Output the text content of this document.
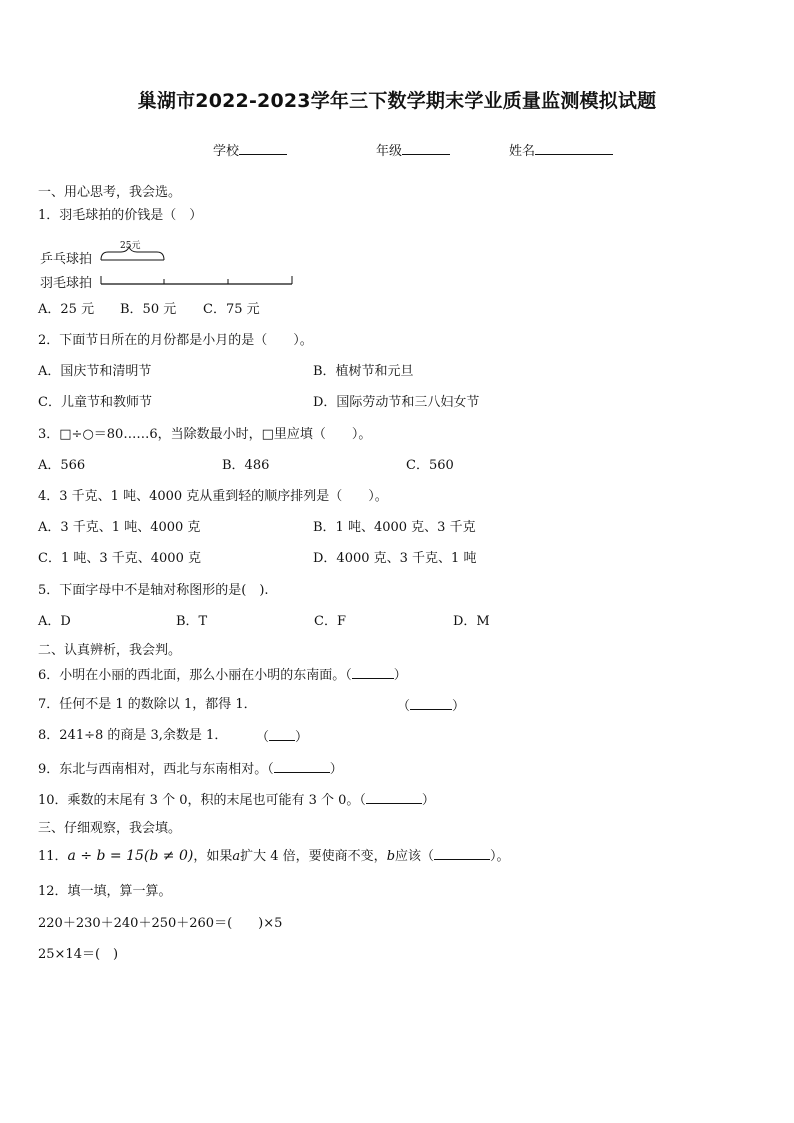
巢湖市2022-2023学年三下数学期末学业质量监测模拟试题
学校	年级	姓名
一、用心思考，我会选。
1．羽毛球拍的价钱是（　）
乒乓球拍
羽毛球拍
25元
A．25 元 B．50 元 C．75 元
2．下面节日所在的月份都是小月的是（　　）。
A．国庆节和清明节	B．植树节和元旦
C．儿童节和教师节	D．国际劳动节和三八妇女节
3．□÷○＝80……6，当除数最小时，□里应填（　　）。
A．566	B．486	C．560
4．3 千克、1 吨、4000 克从重到轻的顺序排列是（　　）。
A．3 千克、1 吨、4000 克	B．1 吨、4000 克、3 千克
C．1 吨、3 千克、4000 克	D．4000 克、3 千克、1 吨
5．下面字母中不是轴对称图形的是(　).
A．D	B．T	C．F	D．M
二、认真辨析，我会判。
6．小明在小丽的西北面，那么小丽在小明的东南面。（	）
7．任何不是 1 的数除以 1，都得 1．	（	）
8．241÷8 的商是 3,余数是 1． （ ）
9．东北与西南相对，西北与东南相对。（	）
10．乘数的末尾有 3 个 0，积的末尾也可能有 3 个 0。（	）
三、仔细观察，我会填。
11．a ÷ b = 15(b ≠ 0)，如果a扩大 4 倍，要使商不变，b应该（	）。
12．填一填，算一算。
220＋230＋240＋250＋260＝(　　)×5
25×14＝(　)
